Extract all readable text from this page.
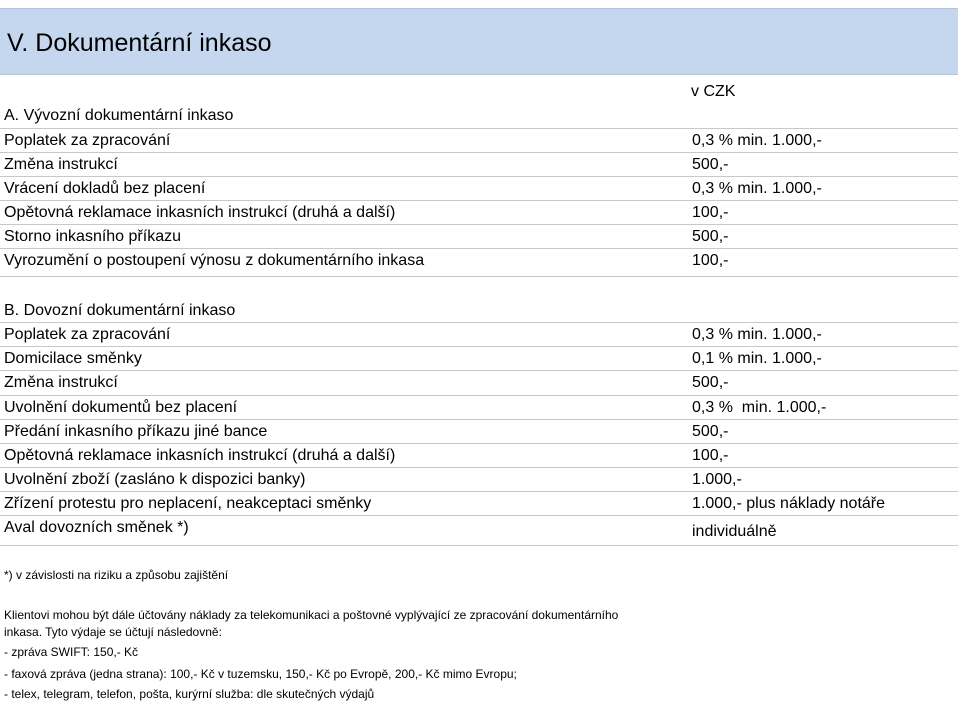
V. Dokumentární inkaso
v CZK
A. Vývozní dokumentární inkaso
Poplatek za zpracování	0,3 % min. 1.000,-
Změna instrukcí	500,-
Vrácení dokladů bez placení	0,3 % min. 1.000,-
Opětovná reklamace inkasních instrukcí (druhá a další)	100,-
Storno inkasního příkazu	500,-
Vyrozumění o postoupení výnosu z dokumentárního inkasa	100,-
B. Dovozní dokumentární inkaso
Poplatek za zpracování	0,3 % min. 1.000,-
Domicilace směnky	0,1 % min. 1.000,-
Změna instrukcí	500,-
Uvolnění dokumentů bez placení	0,3 %  min. 1.000,-
Předání inkasního příkazu jiné bance	500,-
Opětovná reklamace inkasních instrukcí (druhá a další)	100,-
Uvolnění zboží (zasláno k dispozici banky)	1.000,-
Zřízení protestu pro neplacení, neakceptaci směnky	1.000,- plus náklady notáře
Aval dovozních směnek *)	individuálně
*) v závislosti na riziku a způsobu zajištění
Klientovi mohou být dále účtovány náklady za telekomunikaci a poštovné vyplývající ze zpracování dokumentárního
inkasa. Tyto výdaje se účtují následovně:
- zpráva SWIFT: 150,- Kč
- faxová zpráva (jedna strana): 100,- Kč v tuzemsku, 150,- Kč po Evropě, 200,- Kč mimo Evropu;
- telex, telegram, telefon, pošta, kurýrní služba: dle skutečných výdajů
